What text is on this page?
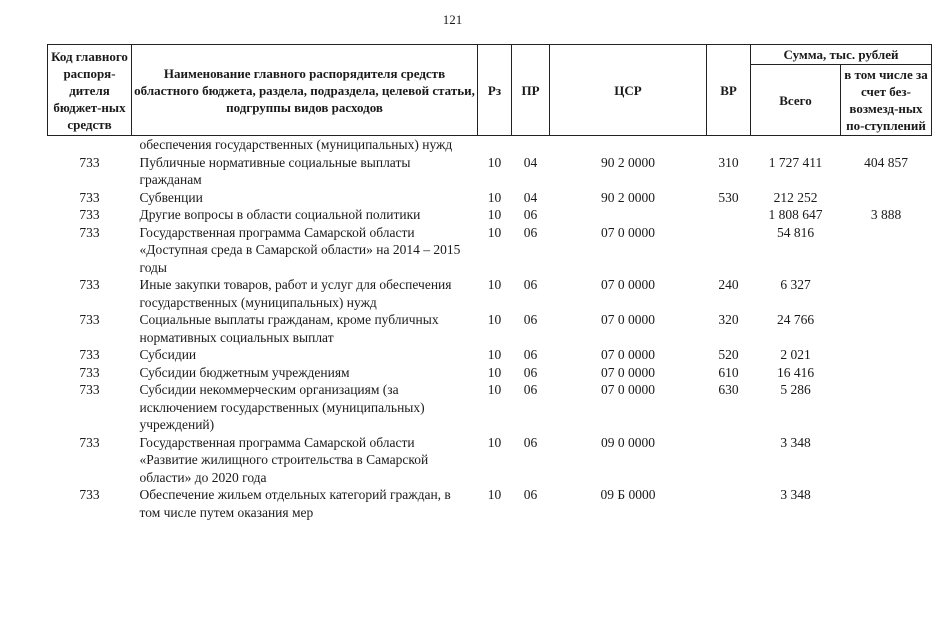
121
Код главного распоря-дителя бюджет-ных средств	Наименование главного распорядителя средств областного бюджета, раздела, подраздела, целевой статьи, подгруппы видов расходов	Рз	ПР	ЦСР	ВР	Сумма, тыс. рублей	
						Всего	в том числе за счет без-возмезд-ных по-ступлений
	обеспечения государственных (муниципальных) нужд						
733	Публичные нормативные социальные выплаты гражданам	10	04	90 2 0000	310	1 727 411	404 857
733	Субвенции	10	04	90 2 0000	530	212 252	
733	Другие вопросы в области социальной политики	10	06			1 808 647	3 888
733	Государственная программа Самарской области «Доступная среда в Самарской области» на 2014 – 2015 годы	10	06	07 0 0000		54 816	
733	Иные закупки товаров, работ и услуг для обеспечения государственных (муниципальных) нужд	10	06	07 0 0000	240	6 327	
733	Социальные выплаты гражданам, кроме публичных нормативных социальных выплат	10	06	07 0 0000	320	24 766	
733	Субсидии	10	06	07 0 0000	520	2 021	
733	Субсидии бюджетным учреждениям	10	06	07 0 0000	610	16 416	
733	Субсидии некоммерческим организациям (за исключением государственных (муниципальных) учреждений)	10	06	07 0 0000	630	5 286	
733	Государственная программа Самарской области «Развитие жилищного строительства в Самарской области» до 2020 года	10	06	09 0 0000		3 348	
733	Обеспечение жильем отдельных категорий граждан, в том числе путем оказания мер	10	06	09 Б 0000		3 348	
